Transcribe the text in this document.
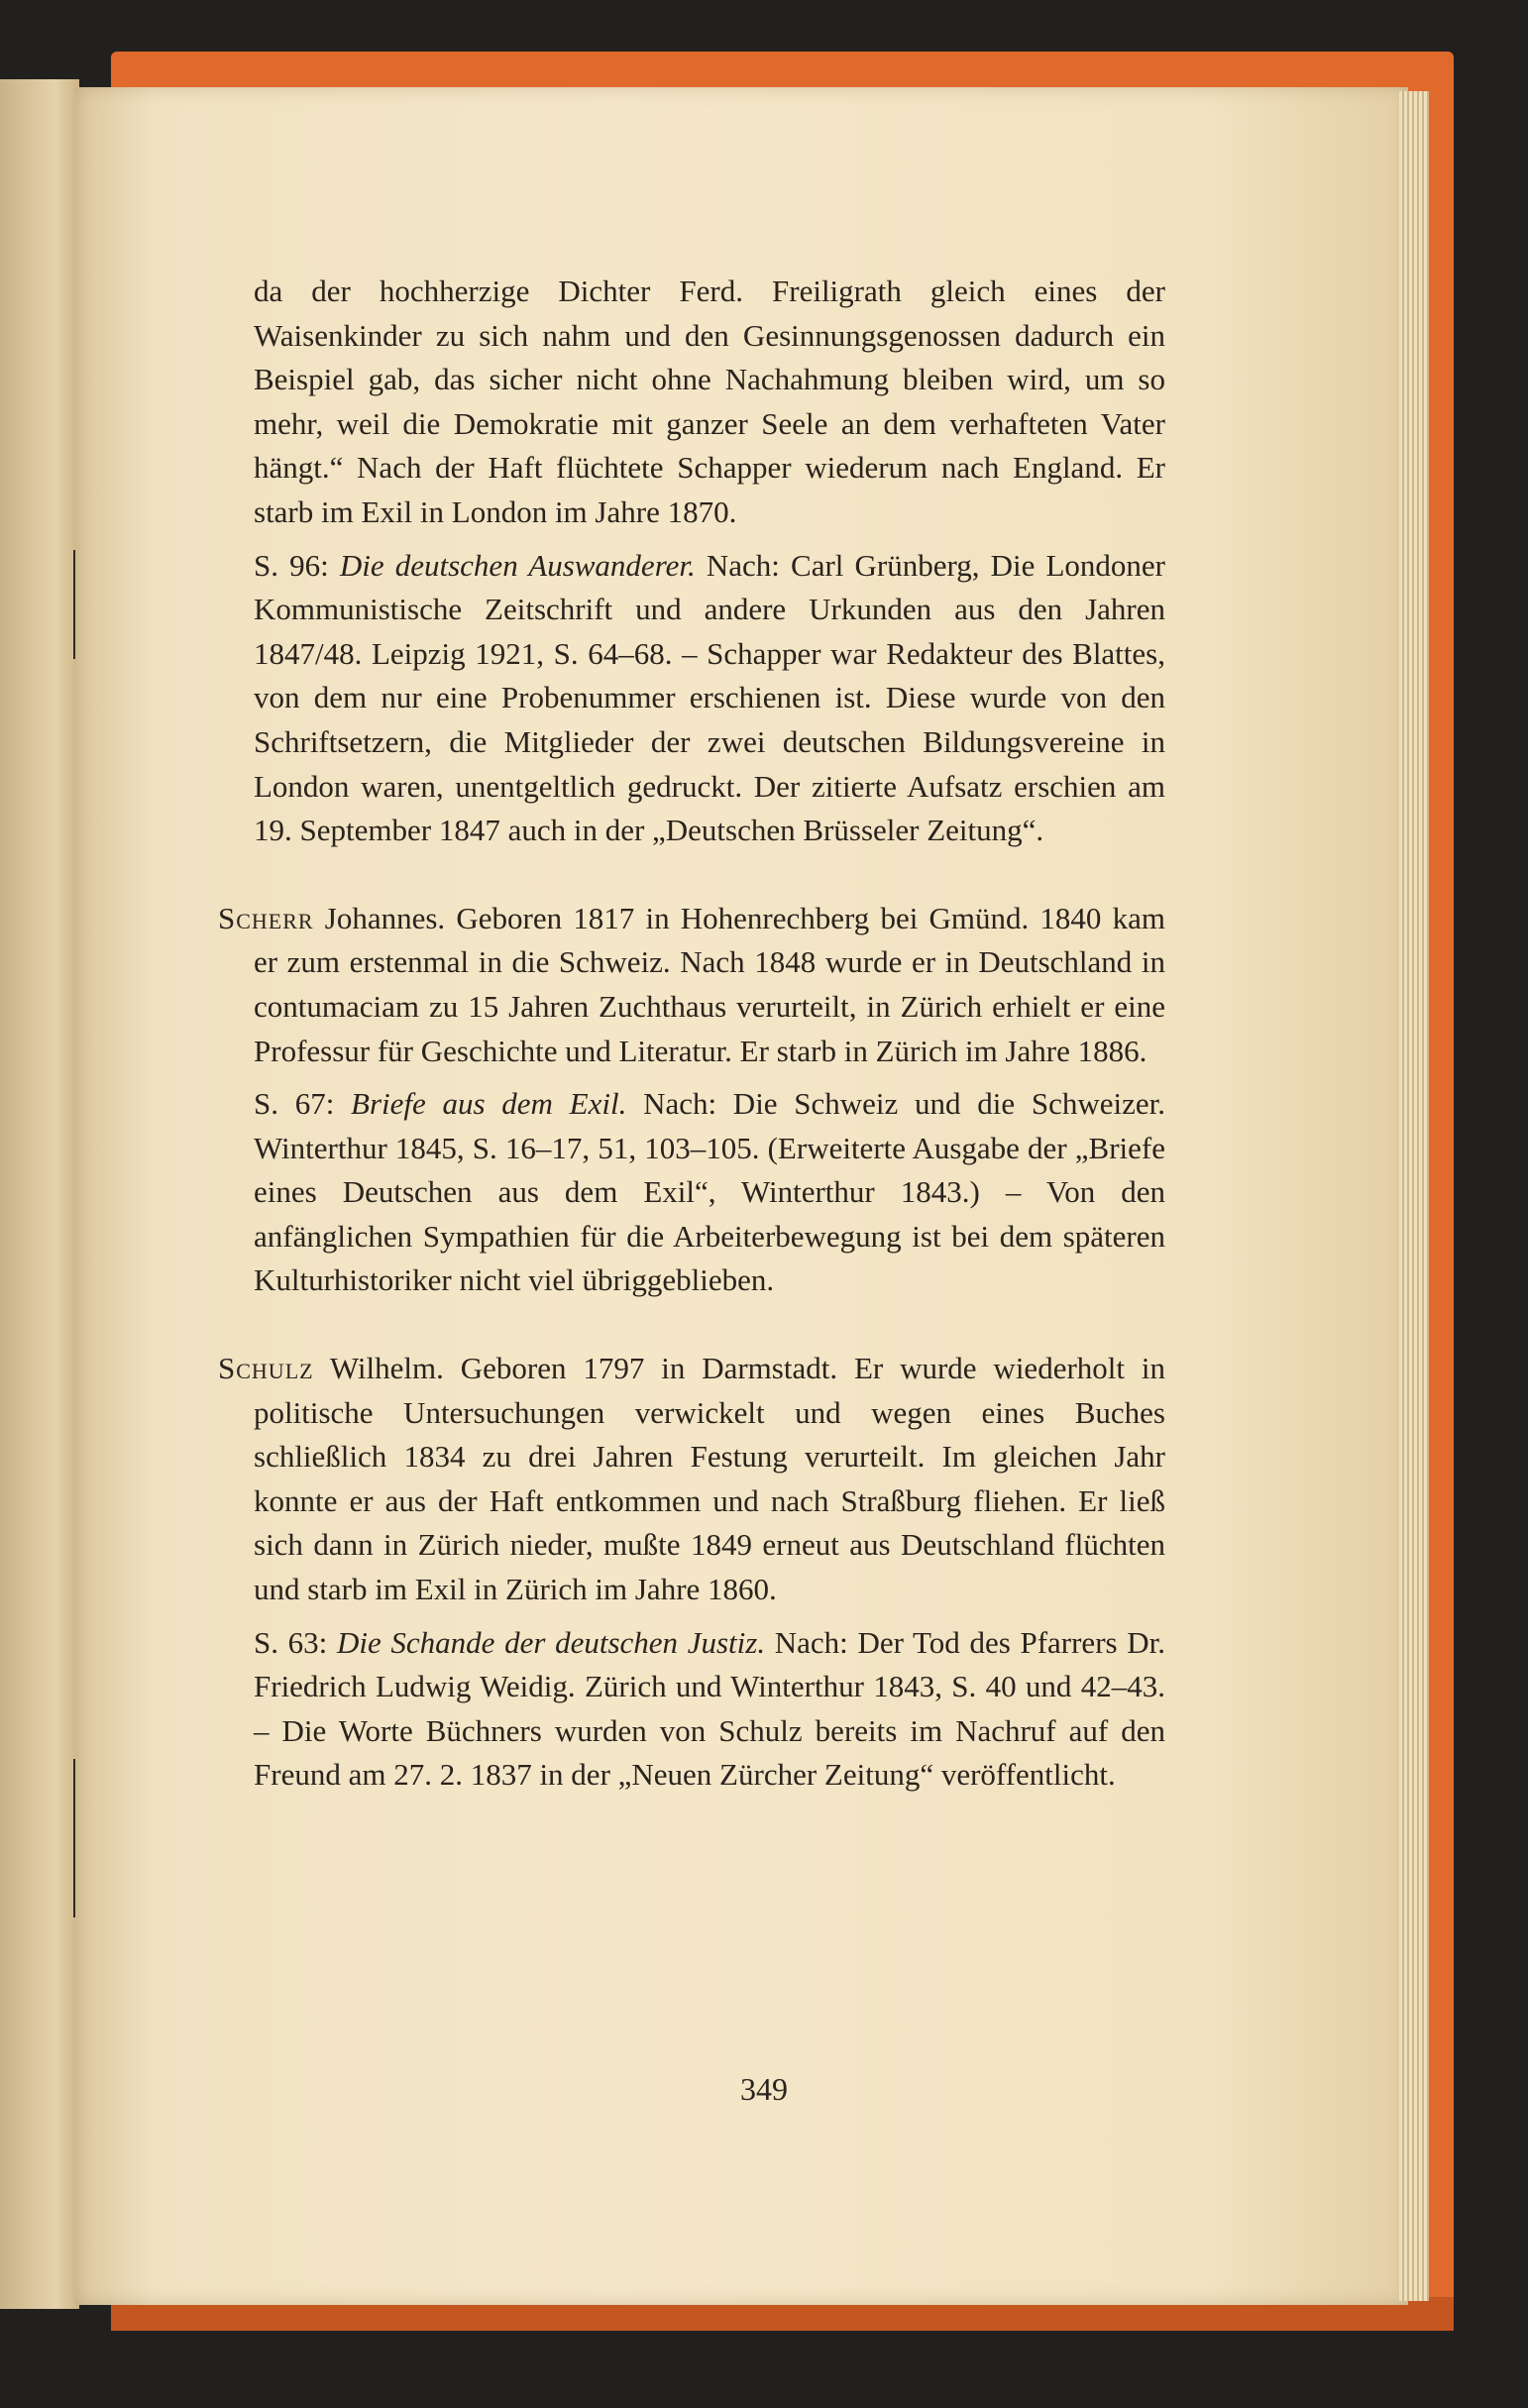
da der hochherzige Dichter Ferd. Freiligrath gleich eines der Waisenkinder zu sich nahm und den Gesinnungsgenossen dadurch ein Beispiel gab, das sicher nicht ohne Nachahmung bleiben wird, um so mehr, weil die Demokratie mit ganzer Seele an dem verhafteten Vater hängt.“ Nach der Haft flüchtete Schapper wiederum nach England. Er starb im Exil in London im Jahre 1870.

S. 96: Die deutschen Auswanderer. Nach: Carl Grünberg, Die Londoner Kommunistische Zeitschrift und andere Urkunden aus den Jahren 1847/48. Leipzig 1921, S. 64–68. – Schapper war Redakteur des Blattes, von dem nur eine Probenummer erschienen ist. Diese wurde von den Schriftsetzern, die Mitglieder der zwei deutschen Bildungsvereine in London waren, unentgeltlich gedruckt. Der zitierte Aufsatz erschien am 19. September 1847 auch in der „Deutschen Brüsseler Zeitung“.

Scherr Johannes. Geboren 1817 in Hohenrechberg bei Gmünd. 1840 kam er zum erstenmal in die Schweiz. Nach 1848 wurde er in Deutschland in contumaciam zu 15 Jahren Zuchthaus verurteilt, in Zürich erhielt er eine Professur für Geschichte und Literatur. Er starb in Zürich im Jahre 1886.

S. 67: Briefe aus dem Exil. Nach: Die Schweiz und die Schweizer. Winterthur 1845, S. 16–17, 51, 103–105. (Erweiterte Ausgabe der „Briefe eines Deutschen aus dem Exil“, Winterthur 1843.) – Von den anfänglichen Sympathien für die Arbeiterbewegung ist bei dem späteren Kulturhistoriker nicht viel übriggeblieben.

Schulz Wilhelm. Geboren 1797 in Darmstadt. Er wurde wiederholt in politische Untersuchungen verwickelt und wegen eines Buches schließlich 1834 zu drei Jahren Festung verurteilt. Im gleichen Jahr konnte er aus der Haft entkommen und nach Straßburg fliehen. Er ließ sich dann in Zürich nieder, mußte 1849 erneut aus Deutschland flüchten und starb im Exil in Zürich im Jahre 1860.

S. 63: Die Schande der deutschen Justiz. Nach: Der Tod des Pfarrers Dr. Friedrich Ludwig Weidig. Zürich und Winterthur 1843, S. 40 und 42–43. – Die Worte Büchners wurden von Schulz bereits im Nachruf auf den Freund am 27. 2. 1837 in der „Neuen Zürcher Zeitung“ veröffentlicht.

349
